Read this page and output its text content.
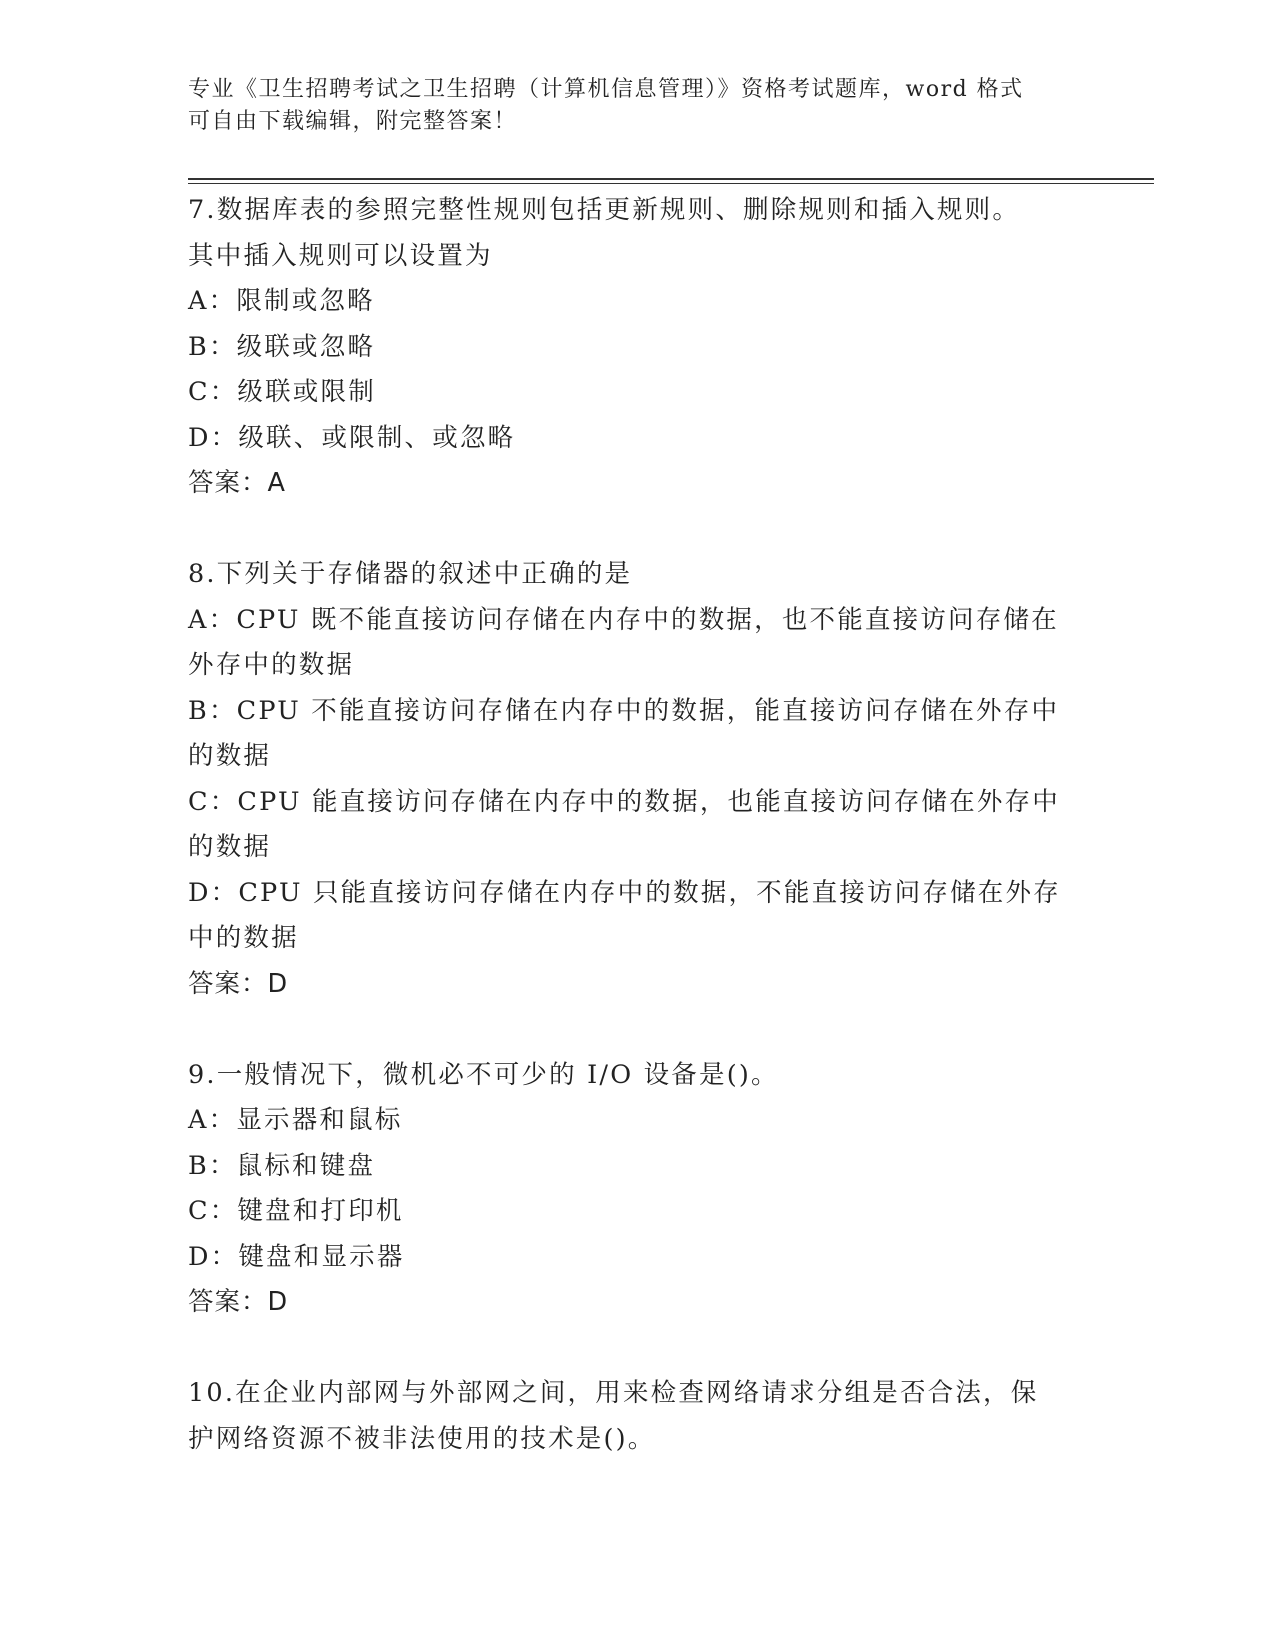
专业《卫生招聘考试之卫生招聘（计算机信息管理）》资格考试题库，word 格式
可自由下载编辑，附完整答案！
7.数据库表的参照完整性规则包括更新规则、删除规则和插入规则。
其中插入规则可以设置为
A：限制或忽略
B：级联或忽略
C：级联或限制
D：级联、或限制、或忽略
答案：A
8.下列关于存储器的叙述中正确的是
A：CPU 既不能直接访问存储在内存中的数据，也不能直接访问存储在
外存中的数据
B：CPU 不能直接访问存储在内存中的数据，能直接访问存储在外存中
的数据
C：CPU 能直接访问存储在内存中的数据，也能直接访问存储在外存中
的数据
D：CPU 只能直接访问存储在内存中的数据，不能直接访问存储在外存
中的数据
答案：D
9.一般情况下，微机必不可少的 I/O 设备是()。
A：显示器和鼠标
B：鼠标和键盘
C：键盘和打印机
D：键盘和显示器
答案：D
10.在企业内部网与外部网之间，用来检查网络请求分组是否合法，保
护网络资源不被非法使用的技术是()。
